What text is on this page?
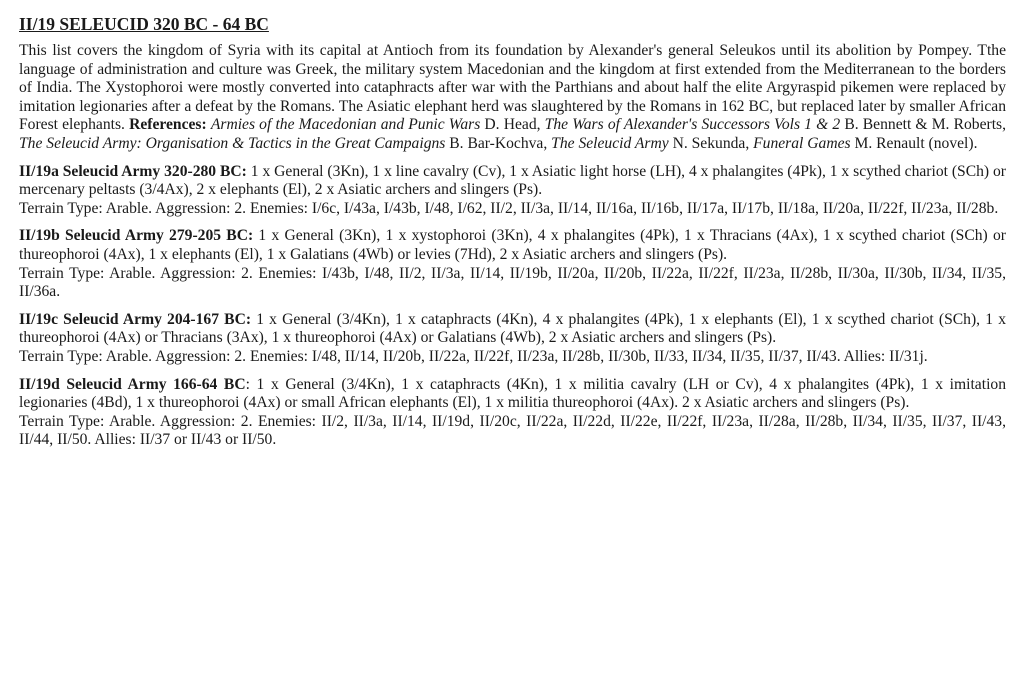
II/19 SELEUCID 320 BC - 64 BC

This list covers the kingdom of Syria with its capital at Antioch from its foundation by Alexander's general Seleukos until its abolition by Pompey. Tthe language of administration and culture was Greek, the military system Macedonian and the kingdom at first extended from the Mediterranean to the borders of India. The Xystophoroi were mostly converted into cataphracts after war with the Parthians and about half the elite Argyraspid pikemen were replaced by imitation legionaries after a defeat by the Romans. The Asiatic elephant herd was slaughtered by the Romans in 162 BC, but replaced later by smaller African Forest elephants. References: Armies of the Macedonian and Punic Wars D. Head, The Wars of Alexander's Successors Vols 1 & 2 B. Bennett & M. Roberts, The Seleucid Army: Organisation & Tactics in the Great Campaigns B. Bar-Kochva, The Seleucid Army N. Sekunda, Funeral Games M. Renault (novel).

II/19a Seleucid Army 320-280 BC: 1 x General (3Kn), 1 x line cavalry (Cv), 1 x Asiatic light horse (LH), 4 x phalangites (4Pk), 1 x scythed chariot (SCh) or mercenary peltasts (3/4Ax), 2 x elephants (El), 2 x Asiatic archers and slingers (Ps).

Terrain Type: Arable. Aggression: 2. Enemies: I/6c, I/43a, I/43b, I/48, I/62, II/2, II/3a, II/14, II/16a, II/16b, II/17a, II/17b, II/18a, II/20a, II/22f, II/23a, II/28b.

II/19b Seleucid Army 279-205 BC: 1 x General (3Kn), 1 x xystophoroi (3Kn), 4 x phalangites (4Pk), 1 x Thracians (4Ax), 1 x scythed chariot (SCh) or thureophoroi (4Ax), 1 x elephants (El), 1 x Galatians (4Wb) or levies (7Hd), 2 x Asiatic archers and slingers (Ps).

Terrain Type: Arable. Aggression: 2. Enemies: I/43b, I/48, II/2, II/3a, II/14, II/19b, II/20a, II/20b, II/22a, II/22f, II/23a, II/28b, II/30a, II/30b, II/34, II/35, II/36a.

II/19c Seleucid Army 204-167 BC: 1 x General (3/4Kn), 1 x cataphracts (4Kn), 4 x phalangites (4Pk), 1 x elephants (El), 1 x scythed chariot (SCh), 1 x thureophoroi (4Ax) or Thracians (3Ax), 1 x thureophoroi (4Ax) or Galatians (4Wb), 2 x Asiatic archers and slingers (Ps).

Terrain Type: Arable. Aggression: 2. Enemies: I/48, II/14, II/20b, II/22a, II/22f, II/23a, II/28b, II/30b, II/33, II/34, II/35, II/37, II/43. Allies: II/31j.

II/19d Seleucid Army 166-64 BC: 1 x General (3/4Kn), 1 x cataphracts (4Kn), 1 x militia cavalry (LH or Cv), 4 x phalangites (4Pk), 1 x imitation legionaries (4Bd), 1 x thureophoroi (4Ax) or small African elephants (El), 1 x militia thureophoroi (4Ax). 2 x Asiatic archers and slingers (Ps).

Terrain Type: Arable. Aggression: 2. Enemies: II/2, II/3a, II/14, II/19d, II/20c, II/22a, II/22d, II/22e, II/22f, II/23a, II/28a, II/28b, II/34, II/35, II/37, II/43, II/44, II/50. Allies: II/37 or II/43 or II/50.
